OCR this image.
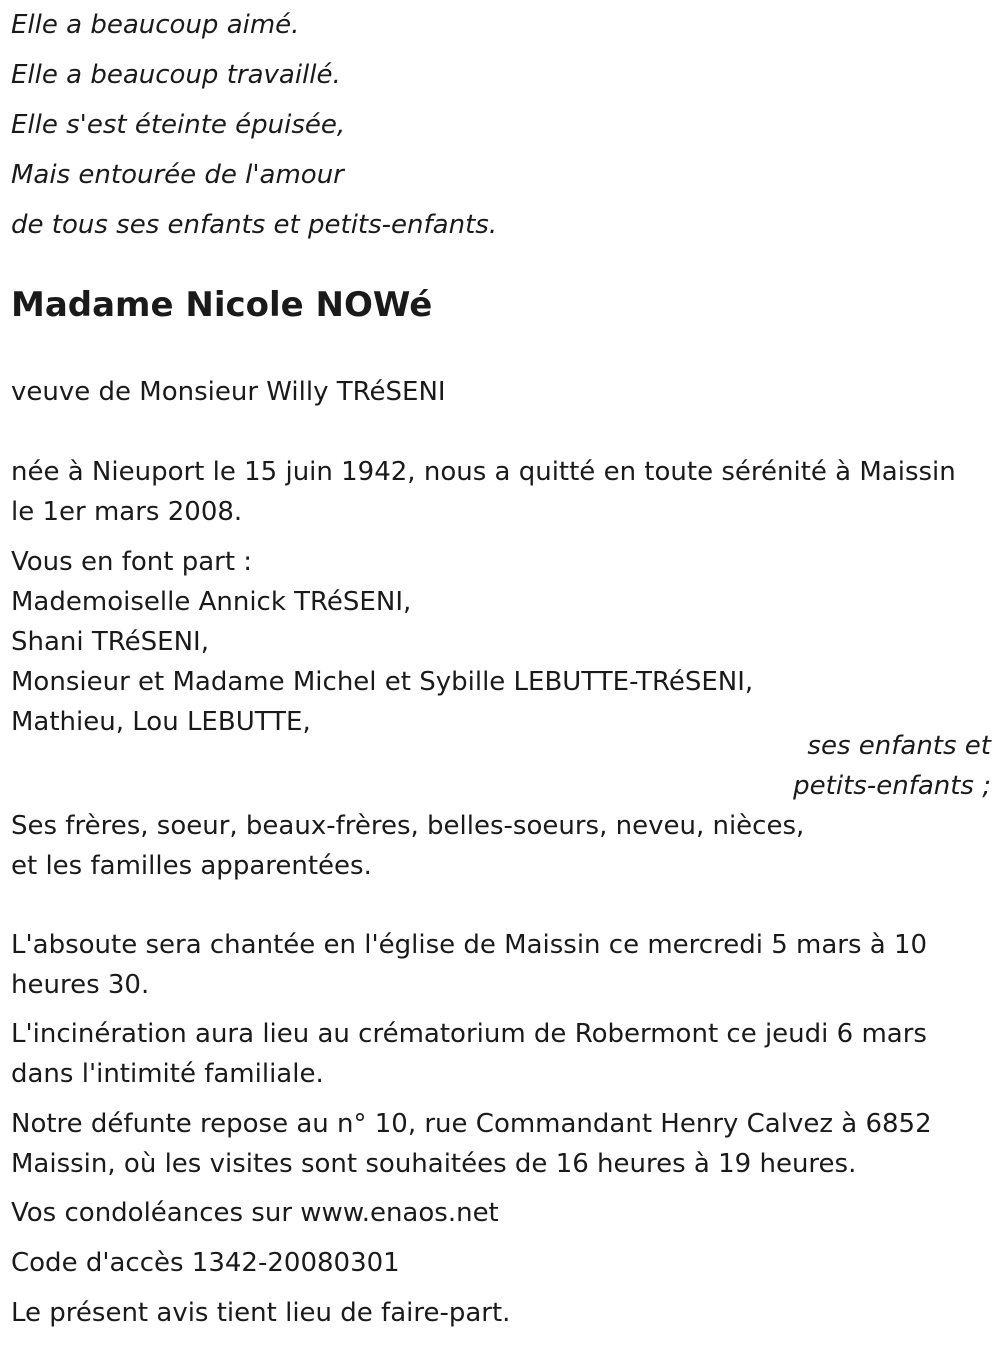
Elle a beaucoup aimé.
Elle a beaucoup travaillé.
Elle s'est éteinte épuisée,
Mais entourée de l'amour
de tous ses enfants et petits-enfants.
Madame Nicole NOWé
veuve de Monsieur Willy TRéSENI
née à Nieuport le 15 juin 1942, nous a quitté en toute sérénité à Maissin
le 1er mars 2008.
Vous en font part :
Mademoiselle Annick TRéSENI,
Shani TRéSENI,
Monsieur et Madame Michel et Sybille LEBUTTE-TRéSENI,
Mathieu, Lou LEBUTTE,
ses enfants et
petits-enfants ;
Ses frères, soeur, beaux-frères, belles-soeurs, neveu, nièces,
et les familles apparentées.
L'absoute sera chantée en l'église de Maissin ce mercredi 5 mars à 10
heures 30.
L'incinération aura lieu au crématorium de Robermont ce jeudi 6 mars
dans l'intimité familiale.
Notre défunte repose au n° 10, rue Commandant Henry Calvez à 6852
Maissin, où les visites sont souhaitées de 16 heures à 19 heures.
Vos condoléances sur www.enaos.net
Code d'accès 1342-20080301
Le présent avis tient lieu de faire-part.
